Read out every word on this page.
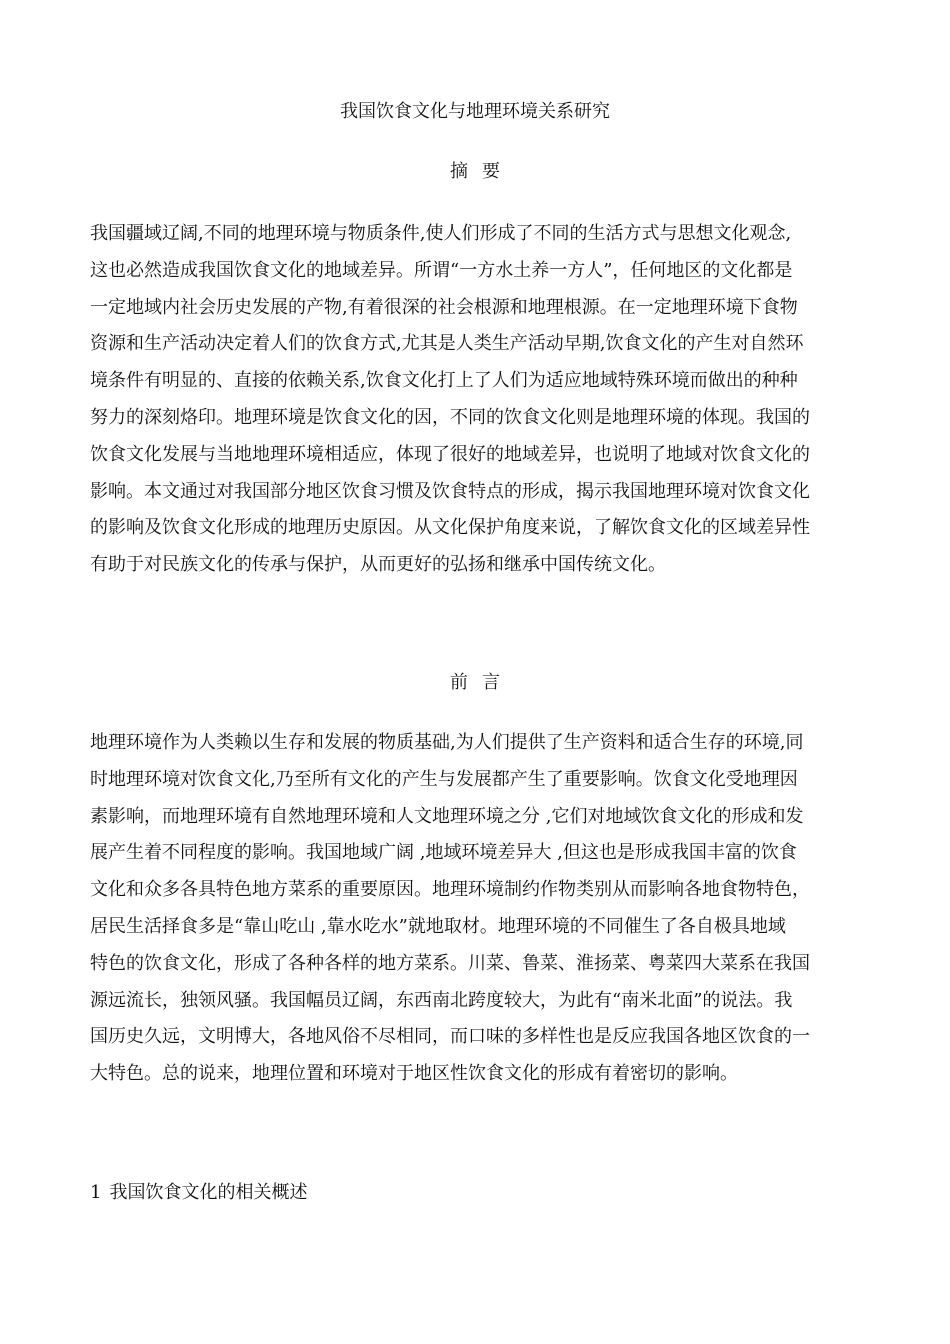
我国饮食文化与地理环境关系研究
摘要
我国疆域辽阔,不同的地理环境与物质条件,使人们形成了不同的生活方式与思想文化观念,
这也必然造成我国饮食文化的地域差异。所谓“一方水土养一方人”，任何地区的文化都是
一定地域内社会历史发展的产物,有着很深的社会根源和地理根源。在一定地理环境下食物
资源和生产活动决定着人们的饮食方式,尤其是人类生产活动早期,饮食文化的产生对自然环
境条件有明显的、直接的依赖关系,饮食文化打上了人们为适应地域特殊环境而做出的种种
努力的深刻烙印。地理环境是饮食文化的因，不同的饮食文化则是地理环境的体现。我国的
饮食文化发展与当地地理环境相适应，体现了很好的地域差异，也说明了地域对饮食文化的
影响。本文通过对我国部分地区饮食习惯及饮食特点的形成，揭示我国地理环境对饮食文化
的影响及饮食文化形成的地理历史原因。从文化保护角度来说，了解饮食文化的区域差异性
有助于对民族文化的传承与保护，从而更好的弘扬和继承中国传统文化。
前言
地理环境作为人类赖以生存和发展的物质基础,为人们提供了生产资料和适合生存的环境,同
时地理环境对饮食文化,乃至所有文化的产生与发展都产生了重要影响。饮食文化受地理因
素影响，而地理环境有自然地理环境和人文地理环境之分 ,它们对地域饮食文化的形成和发
展产生着不同程度的影响。我国地域广阔 ,地域环境差异大 ,但这也是形成我国丰富的饮食
文化和众多各具特色地方菜系的重要原因。地理环境制约作物类别从而影响各地食物特色，
居民生活择食多是“靠山吃山 ,靠水吃水”就地取材。地理环境的不同催生了各自极具地域
特色的饮食文化，形成了各种各样的地方菜系。川菜、鲁菜、淮扬菜、粤菜四大菜系在我国
源远流长，独领风骚。我国幅员辽阔，东西南北跨度较大，为此有“南米北面”的说法。我
国历史久远，文明博大，各地风俗不尽相同，而口味的多样性也是反应我国各地区饮食的一
大特色。总的说来，地理位置和环境对于地区性饮食文化的形成有着密切的影响。
1 我国饮食文化的相关概述
